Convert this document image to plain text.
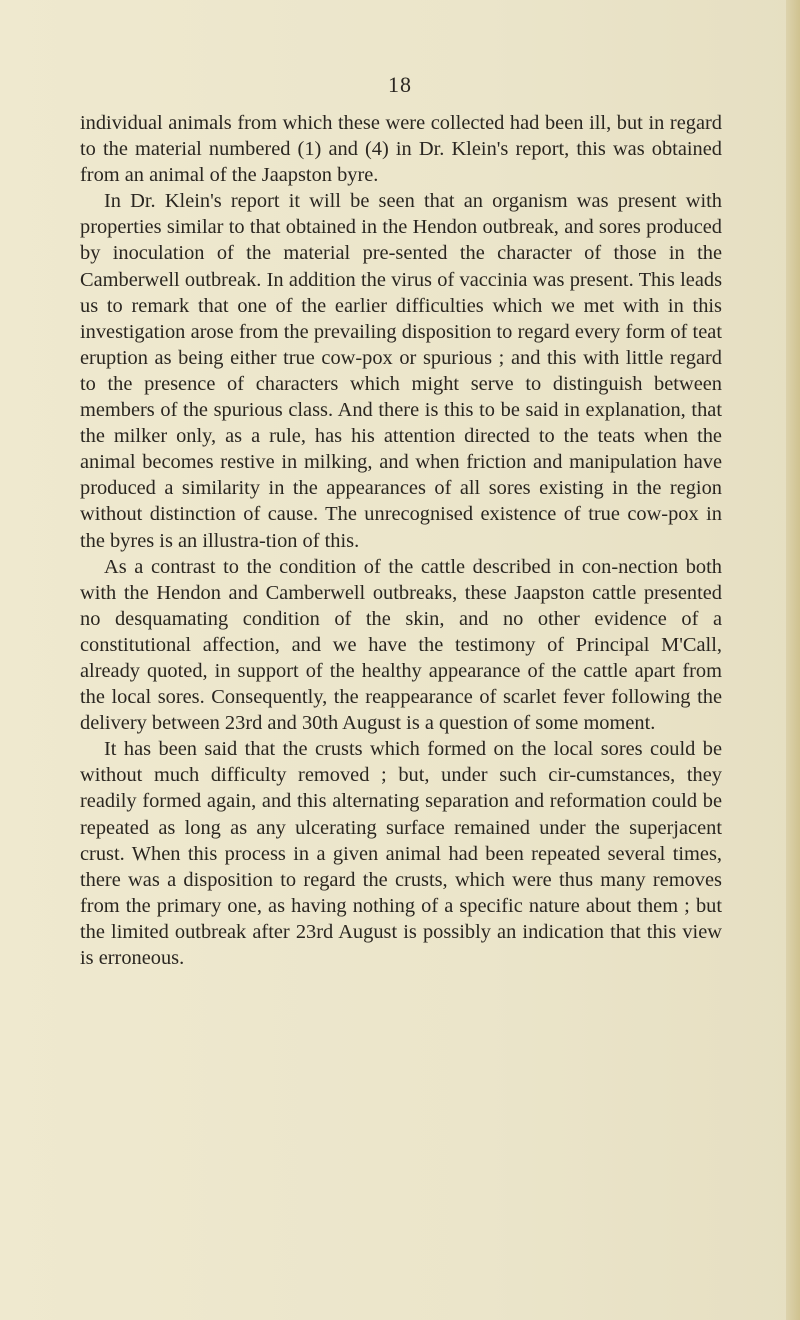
18

individual animals from which these were collected had been ill, but in regard to the material numbered (1) and (4) in Dr. Klein's report, this was obtained from an animal of the Jaapston byre.

In Dr. Klein's report it will be seen that an organism was present with properties similar to that obtained in the Hendon outbreak, and sores produced by inoculation of the material pre-sented the character of those in the Camberwell outbreak. In addition the virus of vaccinia was present. This leads us to remark that one of the earlier difficulties which we met with in this investigation arose from the prevailing disposition to regard every form of teat eruption as being either true cow-pox or spurious ; and this with little regard to the presence of characters which might serve to distinguish between members of the spurious class. And there is this to be said in explanation, that the milker only, as a rule, has his attention directed to the teats when the animal becomes restive in milking, and when friction and manipulation have produced a similarity in the appearances of all sores existing in the region without distinction of cause. The unrecognised existence of true cow-pox in the byres is an illustra-tion of this.

As a contrast to the condition of the cattle described in con-nection both with the Hendon and Camberwell outbreaks, these Jaapston cattle presented no desquamating condition of the skin, and no other evidence of a constitutional affection, and we have the testimony of Principal M'Call, already quoted, in support of the healthy appearance of the cattle apart from the local sores. Consequently, the reappearance of scarlet fever following the delivery between 23rd and 30th August is a question of some moment.

It has been said that the crusts which formed on the local sores could be without much difficulty removed ; but, under such cir-cumstances, they readily formed again, and this alternating separation and reformation could be repeated as long as any ulcerating surface remained under the superjacent crust. When this process in a given animal had been repeated several times, there was a disposition to regard the crusts, which were thus many removes from the primary one, as having nothing of a specific nature about them ; but the limited outbreak after 23rd August is possibly an indication that this view is erroneous.
